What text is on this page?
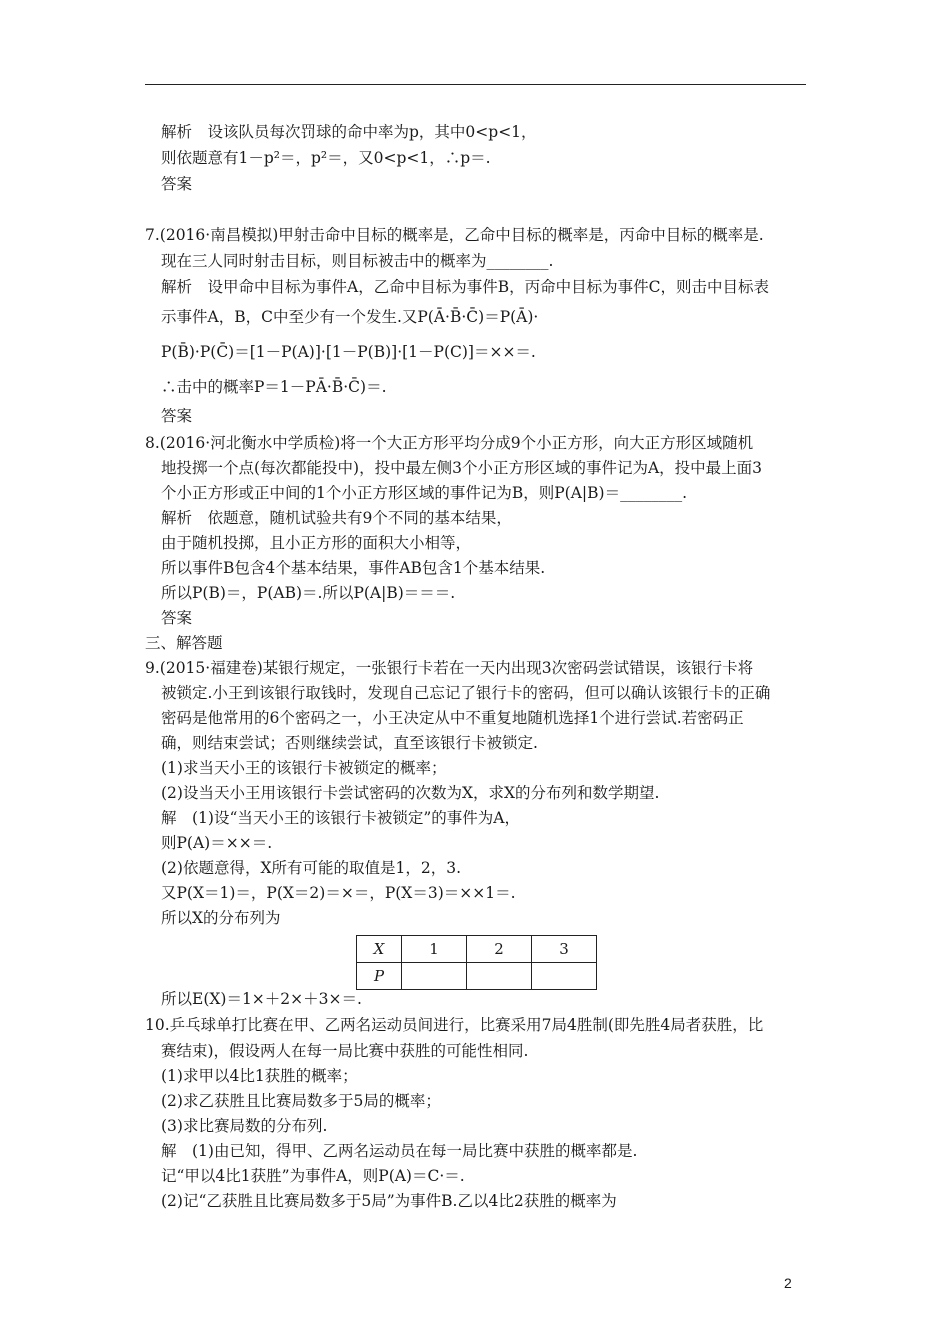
解析　设该队员每次罚球的命中率为p，其中0<p<1，
则依题意有1－p²＝，p²＝，又0<p<1，∴p＝.
答案
7.(2016·南昌模拟)甲射击命中目标的概率是，乙命中目标的概率是，丙命中目标的概率是.
现在三人同时射击目标，则目标被击中的概率为________.
解析　设甲命中目标为事件A，乙命中目标为事件B，丙命中目标为事件C，则击中目标表
示事件A，B，C中至少有一个发生.又P(Ā·B̄·C̄)＝P(Ā)·
P(B̄)·P(C̄)＝[1－P(A)]·[1－P(B)]·[1－P(C)]＝××＝.
∴击中的概率P＝1－PĀ·B̄·C̄)＝.
答案
8.(2016·河北衡水中学质检)将一个大正方形平均分成9个小正方形，向大正方形区域随机
地投掷一个点(每次都能投中)，投中最左侧3个小正方形区域的事件记为A，投中最上面3
个小正方形或正中间的1个小正方形区域的事件记为B，则P(A|B)＝________.
解析　依题意，随机试验共有9个不同的基本结果，
由于随机投掷，且小正方形的面积大小相等，
所以事件B包含4个基本结果，事件AB包含1个基本结果.
所以P(B)＝，P(AB)＝.所以P(A|B)＝＝＝.
答案
三、解答题
9.(2015·福建卷)某银行规定，一张银行卡若在一天内出现3次密码尝试错误，该银行卡将
被锁定.小王到该银行取钱时，发现自己忘记了银行卡的密码，但可以确认该银行卡的正确
密码是他常用的6个密码之一，小王决定从中不重复地随机选择1个进行尝试.若密码正
确，则结束尝试；否则继续尝试，直至该银行卡被锁定.
(1)求当天小王的该银行卡被锁定的概率；
(2)设当天小王用该银行卡尝试密码的次数为X，求X的分布列和数学期望.
解　(1)设“当天小王的该银行卡被锁定”的事件为A，
则P(A)＝××＝.
(2)依题意得，X所有可能的取值是1，2，3.
又P(X＝1)＝，P(X＝2)＝×＝，P(X＝3)＝××1＝.
所以X的分布列为
所以E(X)＝1×＋2×＋3×＝.
10.乒乓球单打比赛在甲、乙两名运动员间进行，比赛采用7局4胜制(即先胜4局者获胜，比
赛结束)，假设两人在每一局比赛中获胜的可能性相同.
(1)求甲以4比1获胜的概率；
(2)求乙获胜且比赛局数多于5局的概率；
(3)求比赛局数的分布列.
解　(1)由已知，得甲、乙两名运动员在每一局比赛中获胜的概率都是.
记“甲以4比1获胜”为事件A，则P(A)＝C·＝.
(2)记“乙获胜且比赛局数多于5局”为事件B.乙以4比2获胜的概率为
X	1	2	3
P			
2
